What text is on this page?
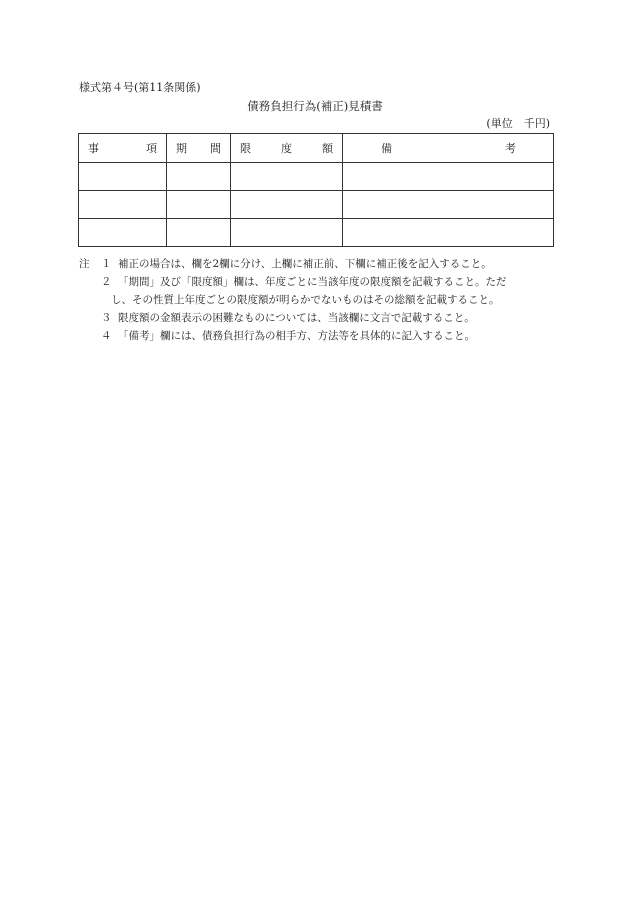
様式第４号(第11条関係)
債務負担行為(補正)見積書
(単位　千円)
事 項	期 間	限 度 額	備 考

注 １ 補正の場合は、欄を2欄に分け、上欄に補正前、下欄に補正後を記入すること。
２ 「期間」及び「限度額」欄は、年度ごとに当該年度の限度額を記載すること。ただ
し、その性質上年度ごとの限度額が明らかでないものはその総額を記載すること。
３ 限度額の金額表示の困難なものについては、当該欄に文言で記載すること。
４ 「備考」欄には、債務負担行為の相手方、方法等を具体的に記入すること。
